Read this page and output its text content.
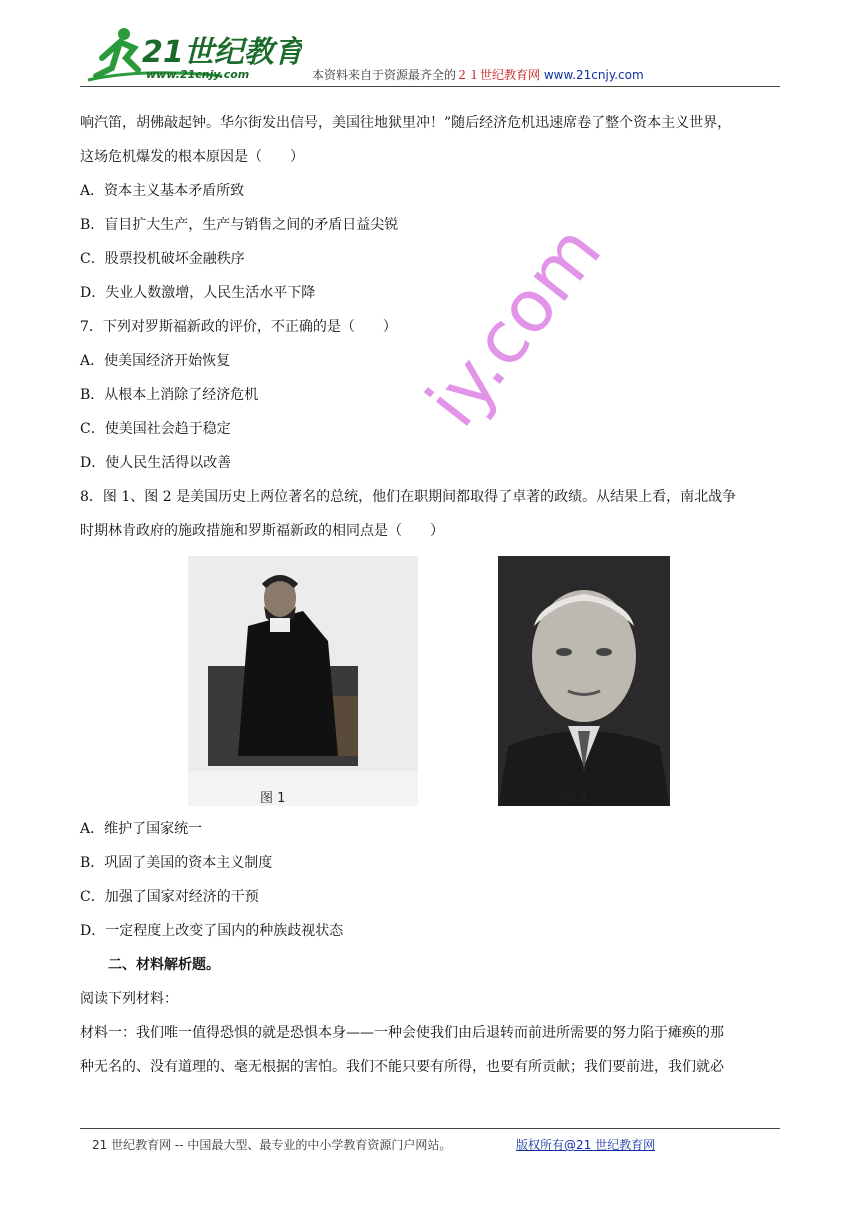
21世纪教育
www.21cnjy.com	本资料来自于资源最齐全的２１世纪教育网 www.21cnjy.com
iy.com

响汽笛，胡佛敲起钟。华尔街发出信号，美国往地狱里冲！”随后经济危机迅速席卷了整个资本主义世界，

这场危机爆发的根本原因是（　　）

A．资本主义基本矛盾所致

B．盲目扩大生产，生产与销售之间的矛盾日益尖锐

C．股票投机破坏金融秩序

D．失业人数激增，人民生活水平下降

7．下列对罗斯福新政的评价，不正确的是（　　）

A．使美国经济开始恢复

B．从根本上消除了经济危机

C．使美国社会趋于稳定

D．使人民生活得以改善

8．图 1、图 2 是美国历史上两位著名的总统，他们在职期间都取得了卓著的政绩。从结果上看，南北战争

时期林肯政府的施政措施和罗斯福新政的相同点是（　　）

图 1	图 2

A．维护了国家统一

B．巩固了美国的资本主义制度

C．加强了国家对经济的干预

D．一定程度上改变了国内的种族歧视状态

二、材料解析题。

阅读下列材料：

材料一：我们唯一值得恐惧的就是恐惧本身——一种会使我们由后退转而前进所需要的努力陷于瘫痪的那

种无名的、没有道理的、毫无根据的害怕。我们不能只要有所得，也要有所贡献；我们要前进，我们就必

21 世纪教育网 -- 中国最大型、最专业的中小学教育资源门户网站。	版权所有@21 世纪教育网
